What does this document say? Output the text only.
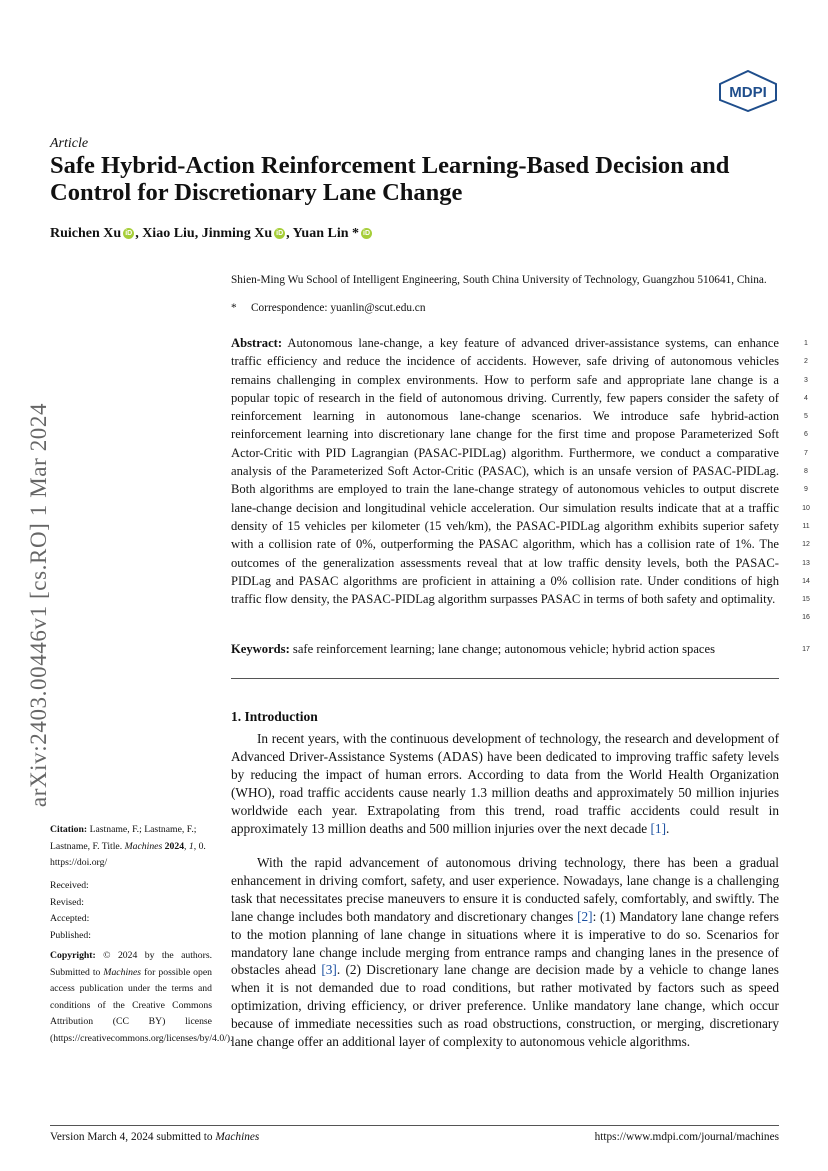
MDPI
arXiv:2403.00446v1 [cs.RO] 1 Mar 2024
Article
Safe Hybrid-Action Reinforcement Learning-Based Decision and Control for Discretionary Lane Change
Ruichen Xu iD , Xiao Liu, Jinming Xu iD , Yuan Lin * iD
Shien-Ming Wu School of Intelligent Engineering, South China University of Technology, Guangzhou 510641, China.
* Correspondence: yuanlin@scut.edu.cn
Abstract: Autonomous lane-change, a key feature of advanced driver-assistance systems, can enhance traffic efficiency and reduce the incidence of accidents. However, safe driving of autonomous vehicles remains challenging in complex environments. How to perform safe and appropriate lane change is a popular topic of research in the field of autonomous driving. Currently, few papers consider the safety of reinforcement learning in autonomous lane-change scenarios. We introduce safe hybrid-action reinforcement learning into discretionary lane change for the first time and propose Parameterized Soft Actor-Critic with PID Lagrangian (PASAC-PIDLag) algorithm. Furthermore, we conduct a comparative analysis of the Parameterized Soft Actor-Critic (PASAC), which is an unsafe version of PASAC-PIDLag. Both algorithms are employed to train the lane-change strategy of autonomous vehicles to output discrete lane-change decision and longitudinal vehicle acceleration. Our simulation results indicate that at a traffic density of 15 vehicles per kilometer (15 veh/km), the PASAC-PIDLag algorithm exhibits superior safety with a collision rate of 0%, outperforming the PASAC algorithm, which has a collision rate of 1%. The outcomes of the generalization assessments reveal that at low traffic density levels, both the PASAC-PIDLag and PASAC algorithms are proficient in attaining a 0% collision rate. Under conditions of high traffic flow density, the PASAC-PIDLag algorithm surpasses PASAC in terms of both safety and optimality.
1
2
3
4
5
6
7
8
9
10
11
12
13
14
15
16
Keywords: safe reinforcement learning; lane change; autonomous vehicle; hybrid action spaces	17
1. Introduction
In recent years, with the continuous development of technology, the research and development of Advanced Driver-Assistance Systems (ADAS) have been dedicated to improving traffic safety levels by reducing the impact of human errors. According to data from the World Health Organization (WHO), road traffic accidents cause nearly 1.3 million deaths and approximately 50 million injuries worldwide each year. Extrapolating from this trend, road traffic accidents could result in approximately 13 million deaths and 500 million injuries over the next decade [1].
With the rapid advancement of autonomous driving technology, there has been a gradual enhancement in driving comfort, safety, and user experience. Nowadays, lane change is a challenging task that necessitates precise maneuvers to ensure it is conducted safely, comfortably, and swiftly. The lane change includes both mandatory and discretionary changes [2]: (1) Mandatory lane change refers to the motion planning of lane change in situations where it is imperative to do so. Scenarios for mandatory lane change include merging from entrance ramps and changing lanes in the presence of obstacles ahead [3]. (2) Discretionary lane change are decision made by a vehicle to change lanes when it is not demanded due to road conditions, but rather motivated by factors such as speed optimization, driving efficiency, or driver preference. Unlike mandatory lane change, which occur because of immediate necessities such as road obstructions, construction, or merging, discretionary lane change offer an additional layer of complexity to autonomous vehicle algorithms.
Citation: Lastname, F.; Lastname, F.; Lastname, F. Title. Machines 2024, 1, 0. https://doi.org/
Received:
Revised:
Accepted:
Published:
Copyright: © 2024 by the authors. Submitted to Machines for possible open access publication under the terms and conditions of the Creative Commons Attribution (CC BY) license (https://creativecommons.org/licenses/by/4.0/).
Version March 4, 2024 submitted to Machines	https://www.mdpi.com/journal/machines
